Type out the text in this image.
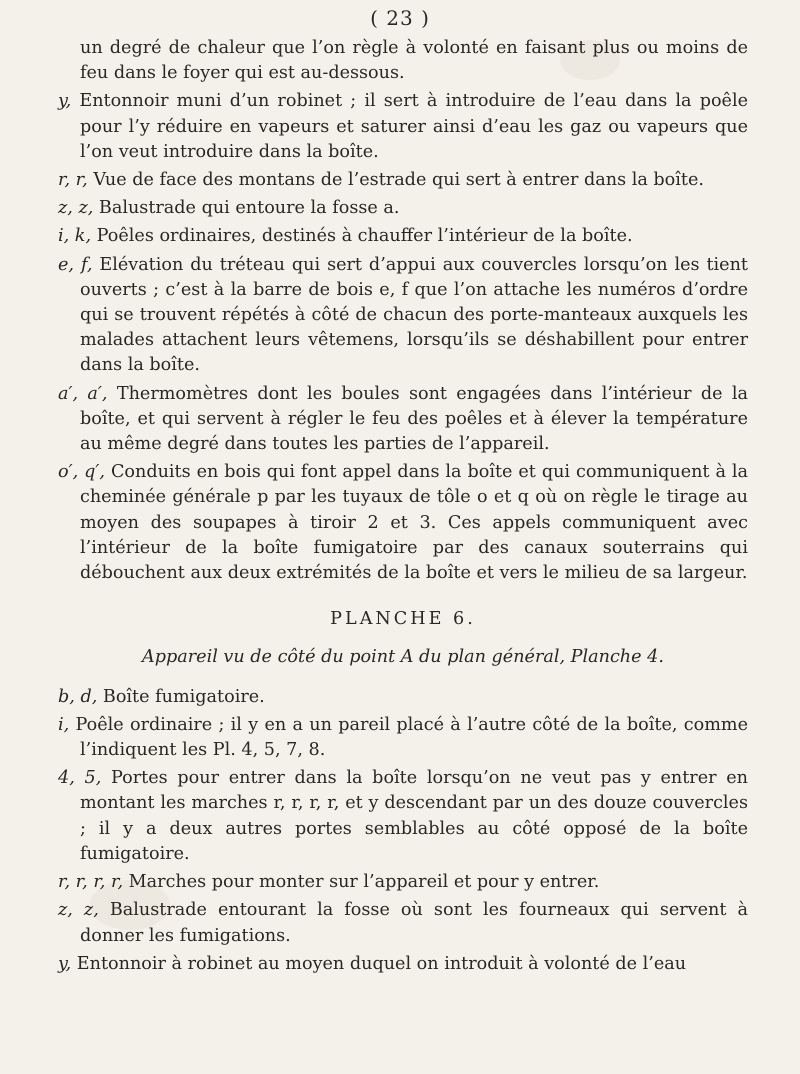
( 23 )
un degré de chaleur que l’on règle à volonté en faisant plus ou moins de feu dans le foyer qui est au-dessous.
y, Entonnoir muni d’un robinet ; il sert à introduire de l’eau dans la poêle pour l’y réduire en vapeurs et saturer ainsi d’eau les gaz ou vapeurs que l’on veut introduire dans la boîte.
r, r, Vue de face des montans de l’estrade qui sert à entrer dans la boîte.
z, z, Balustrade qui entoure la fosse a.
i, k, Poêles ordinaires, destinés à chauffer l’intérieur de la boîte.
e, f, Elévation du tréteau qui sert d’appui aux couvercles lorsqu’on les tient ouverts ; c’est à la barre de bois e, f que l’on attache les numéros d’ordre qui se trouvent répétés à côté de chacun des porte-manteaux auxquels les malades attachent leurs vêtemens, lorsqu’ils se déshabillent pour entrer dans la boîte.
a′, a′, Thermomètres dont les boules sont engagées dans l’intérieur de la boîte, et qui servent à régler le feu des poêles et à élever la température au même degré dans toutes les parties de l’appareil.
o′, q′, Conduits en bois qui font appel dans la boîte et qui communiquent à la cheminée générale p par les tuyaux de tôle o et q où on règle le tirage au moyen des soupapes à tiroir 2 et 3. Ces appels communiquent avec l’intérieur de la boîte fumigatoire par des canaux souterrains qui débouchent aux deux extrémités de la boîte et vers le milieu de sa largeur.
PLANCHE 6.
Appareil vu de côté du point A du plan général, Planche 4.
b, d, Boîte fumigatoire.
i, Poêle ordinaire ; il y en a un pareil placé à l’autre côté de la boîte, comme l’indiquent les Pl. 4, 5, 7, 8.
4, 5, Portes pour entrer dans la boîte lorsqu’on ne veut pas y entrer en montant les marches r, r, r, r, et y descendant par un des douze couvercles ; il y a deux autres portes semblables au côté opposé de la boîte fumigatoire.
r, r, r, r, Marches pour monter sur l’appareil et pour y entrer.
z, z, Balustrade entourant la fosse où sont les fourneaux qui servent à donner les fumigations.
y, Entonnoir à robinet au moyen duquel on introduit à volonté de l’eau
